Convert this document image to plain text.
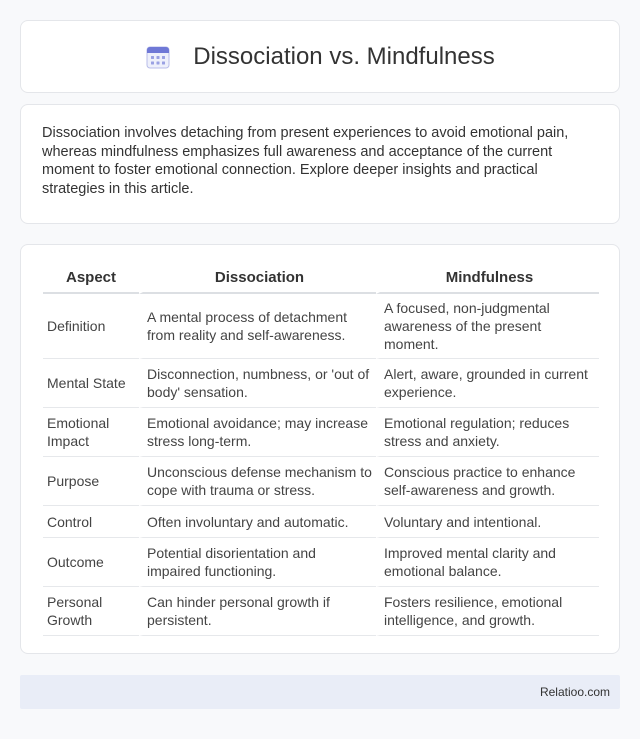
Dissociation vs. Mindfulness

Dissociation involves detaching from present experiences to avoid emotional pain, whereas mindfulness emphasizes full awareness and acceptance of the current moment to foster emotional connection. Explore deeper insights and practical strategies in this article.

Aspect	Dissociation	Mindfulness
Definition	A mental process of detachment from reality and self-awareness.	A focused, non-judgmental awareness of the present moment.
Mental State	Disconnection, numbness, or 'out of body' sensation.	Alert, aware, grounded in current experience.
Emotional Impact	Emotional avoidance; may increase stress long-term.	Emotional regulation; reduces stress and anxiety.
Purpose	Unconscious defense mechanism to cope with trauma or stress.	Conscious practice to enhance self-awareness and growth.
Control	Often involuntary and automatic.	Voluntary and intentional.
Outcome	Potential disorientation and impaired functioning.	Improved mental clarity and emotional balance.
Personal Growth	Can hinder personal growth if persistent.	Fosters resilience, emotional intelligence, and growth.
Relatioo.com
